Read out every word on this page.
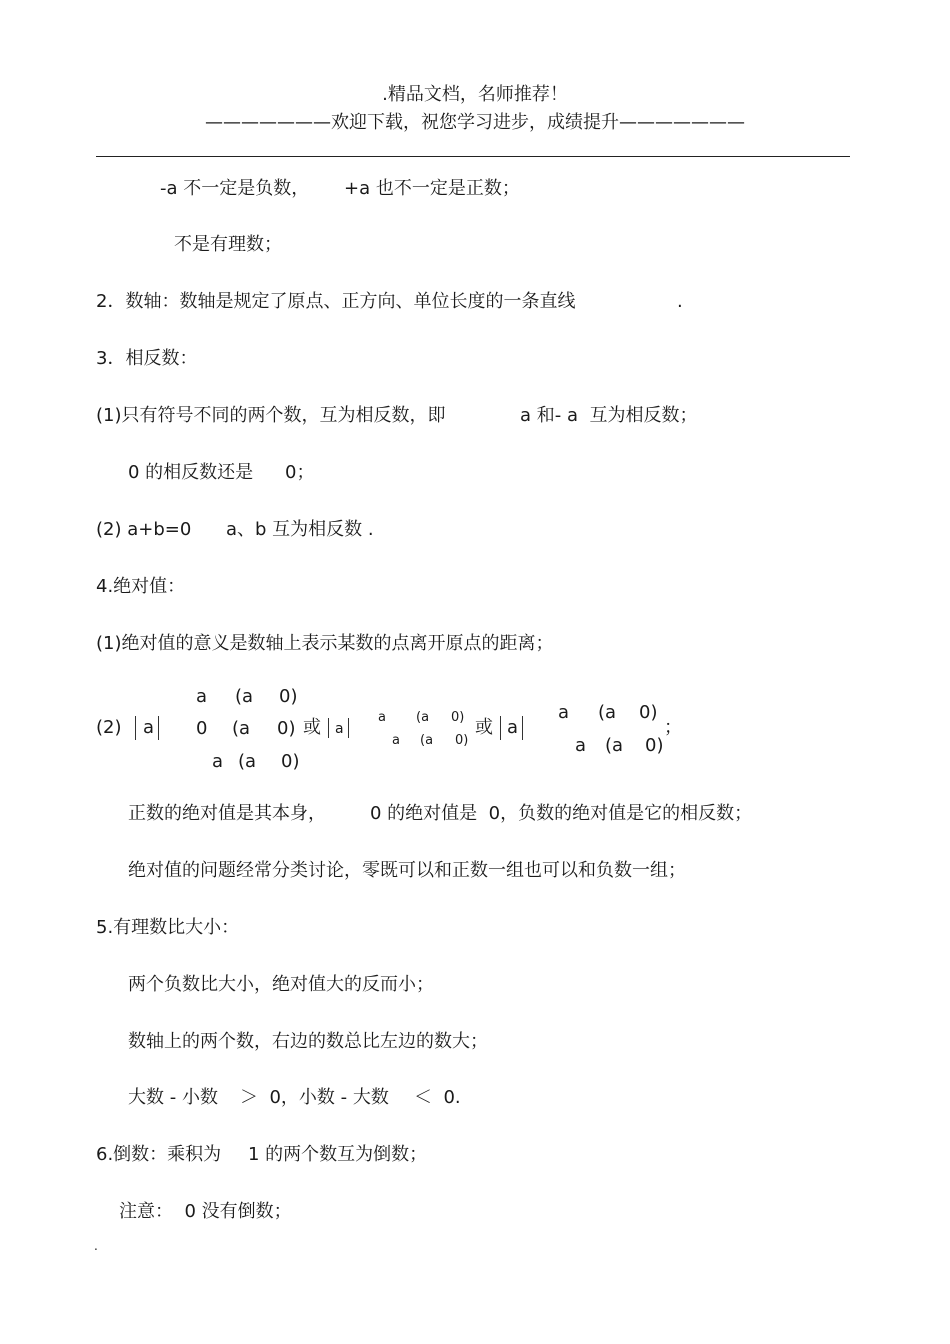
.精品文档，名师推荐！
———————欢迎下载，祝您学习进步，成绩提升———————
-a 不一定是负数， +a 也不一定是正数；
不是有理数；
2．数轴：数轴是规定了原点、正方向、单位长度的一条直线	.
3．相反数：
(1)只有符号不同的两个数，互为相反数，即	a 和- a  互为相反数；
0 的相反数还是 0；
(2) a+b=0 a、b 互为相反数 .
4.绝对值：
(1)绝对值的意义是数轴上表示某数的点离开原点的距离；
(2) a
a (a 0)
0 (a 0)
a (a 0)
或 a
a (a 0)
a (a 0)
或 a
a (a 0)
a (a 0)
；
正数的绝对值是其本身， 0 的绝对值是  0，负数的绝对值是它的相反数；
绝对值的问题经常分类讨论，零既可以和正数一组也可以和负数一组；
5.有理数比大小：
两个负数比大小，绝对值大的反而小；
数轴上的两个数，右边的数总比左边的数大；
大数 - 小数 ＞  0，小数 - 大数 ＜  0.
6.倒数：乘积为 1 的两个数互为倒数；
注意：  0 没有倒数；
.
